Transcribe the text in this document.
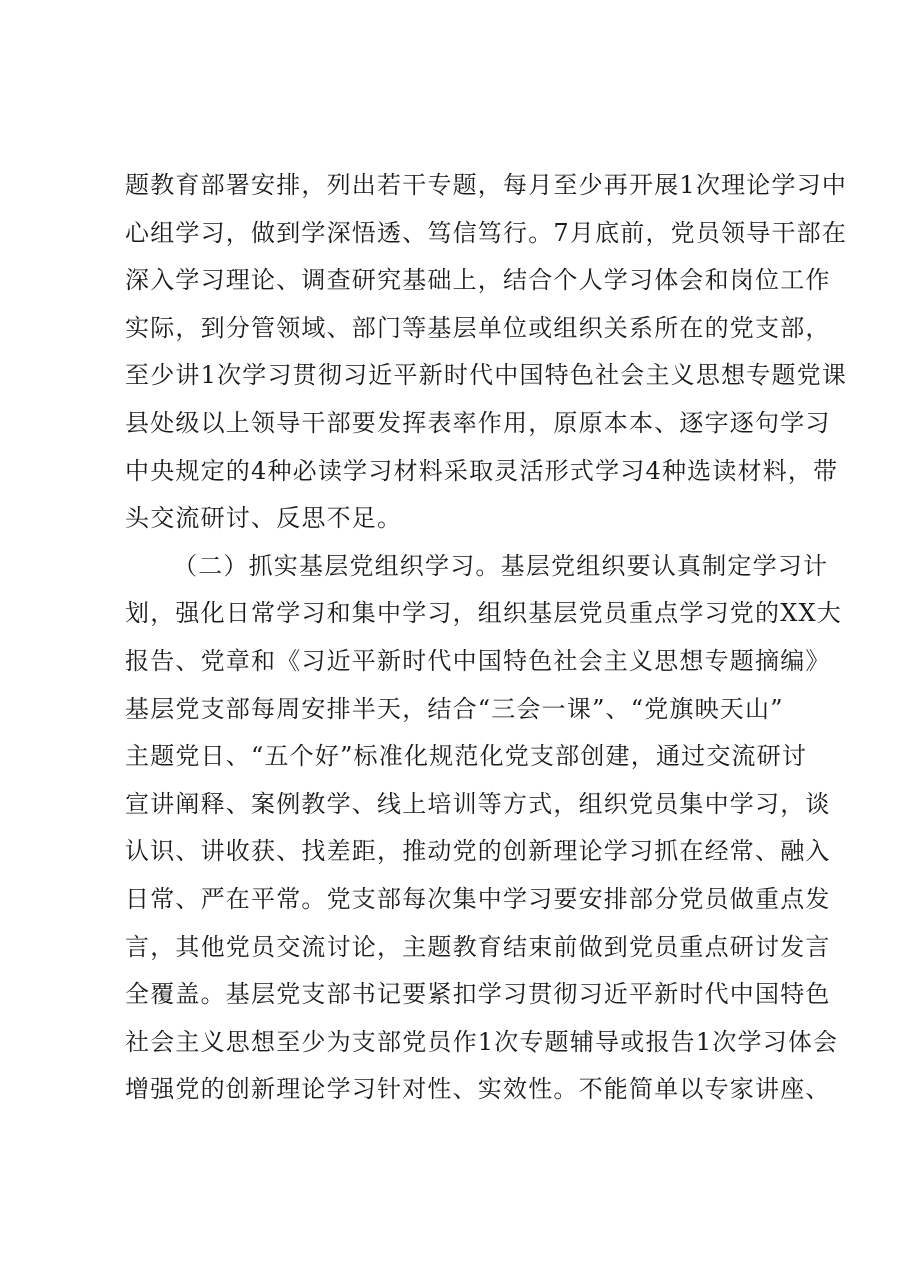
题教育部署安排，列出若干专题，每月至少再开展1次理论学习中
心组学习，做到学深悟透、笃信笃行。7月底前，党员领导干部在
深入学习理论、调查研究基础上，结合个人学习体会和岗位工作
实际，到分管领域、部门等基层单位或组织关系所在的党支部，
至少讲1次学习贯彻习近平新时代中国特色社会主义思想专题党课
县处级以上领导干部要发挥表率作用，原原本本、逐字逐句学习
中央规定的4种必读学习材料采取灵活形式学习4种选读材料，带
头交流研讨、反思不足。
（二）抓实基层党组织学习。基层党组织要认真制定学习计
划，强化日常学习和集中学习，组织基层党员重点学习党的XX大
报告、党章和《习近平新时代中国特色社会主义思想专题摘编》
基层党支部每周安排半天，结合“三会一课”、“党旗映天山”
主题党日、“五个好”标准化规范化党支部创建，通过交流研讨
宣讲阐释、案例教学、线上培训等方式，组织党员集中学习，谈
认识、讲收获、找差距，推动党的创新理论学习抓在经常、融入
日常、严在平常。党支部每次集中学习要安排部分党员做重点发
言，其他党员交流讨论，主题教育结束前做到党员重点研讨发言
全覆盖。基层党支部书记要紧扣学习贯彻习近平新时代中国特色
社会主义思想至少为支部党员作1次专题辅导或报告1次学习体会
增强党的创新理论学习针对性、实效性。不能简单以专家讲座、
